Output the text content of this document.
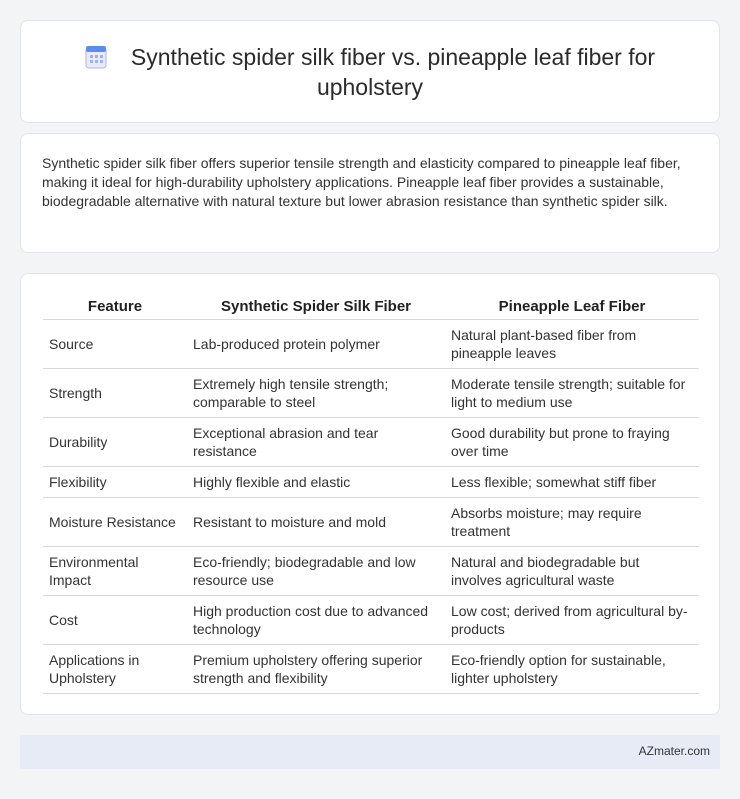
Synthetic spider silk fiber vs. pineapple leaf fiber for upholstery

Synthetic spider silk fiber offers superior tensile strength and elasticity compared to pineapple leaf fiber, making it ideal for high-durability upholstery applications. Pineapple leaf fiber provides a sustainable, biodegradable alternative with natural texture but lower abrasion resistance than synthetic spider silk.

Feature	Synthetic Spider Silk Fiber	Pineapple Leaf Fiber
Source	Lab-produced protein polymer	Natural plant-based fiber from pineapple leaves
Strength	Extremely high tensile strength; comparable to steel	Moderate tensile strength; suitable for light to medium use
Durability	Exceptional abrasion and tear resistance	Good durability but prone to fraying over time
Flexibility	Highly flexible and elastic	Less flexible; somewhat stiff fiber
Moisture Resistance	Resistant to moisture and mold	Absorbs moisture; may require treatment
Environmental Impact	Eco-friendly; biodegradable and low resource use	Natural and biodegradable but involves agricultural waste
Cost	High production cost due to advanced technology	Low cost; derived from agricultural by-products
Applications in Upholstery	Premium upholstery offering superior strength and flexibility	Eco-friendly option for sustainable, lighter upholstery
AZmater.com
